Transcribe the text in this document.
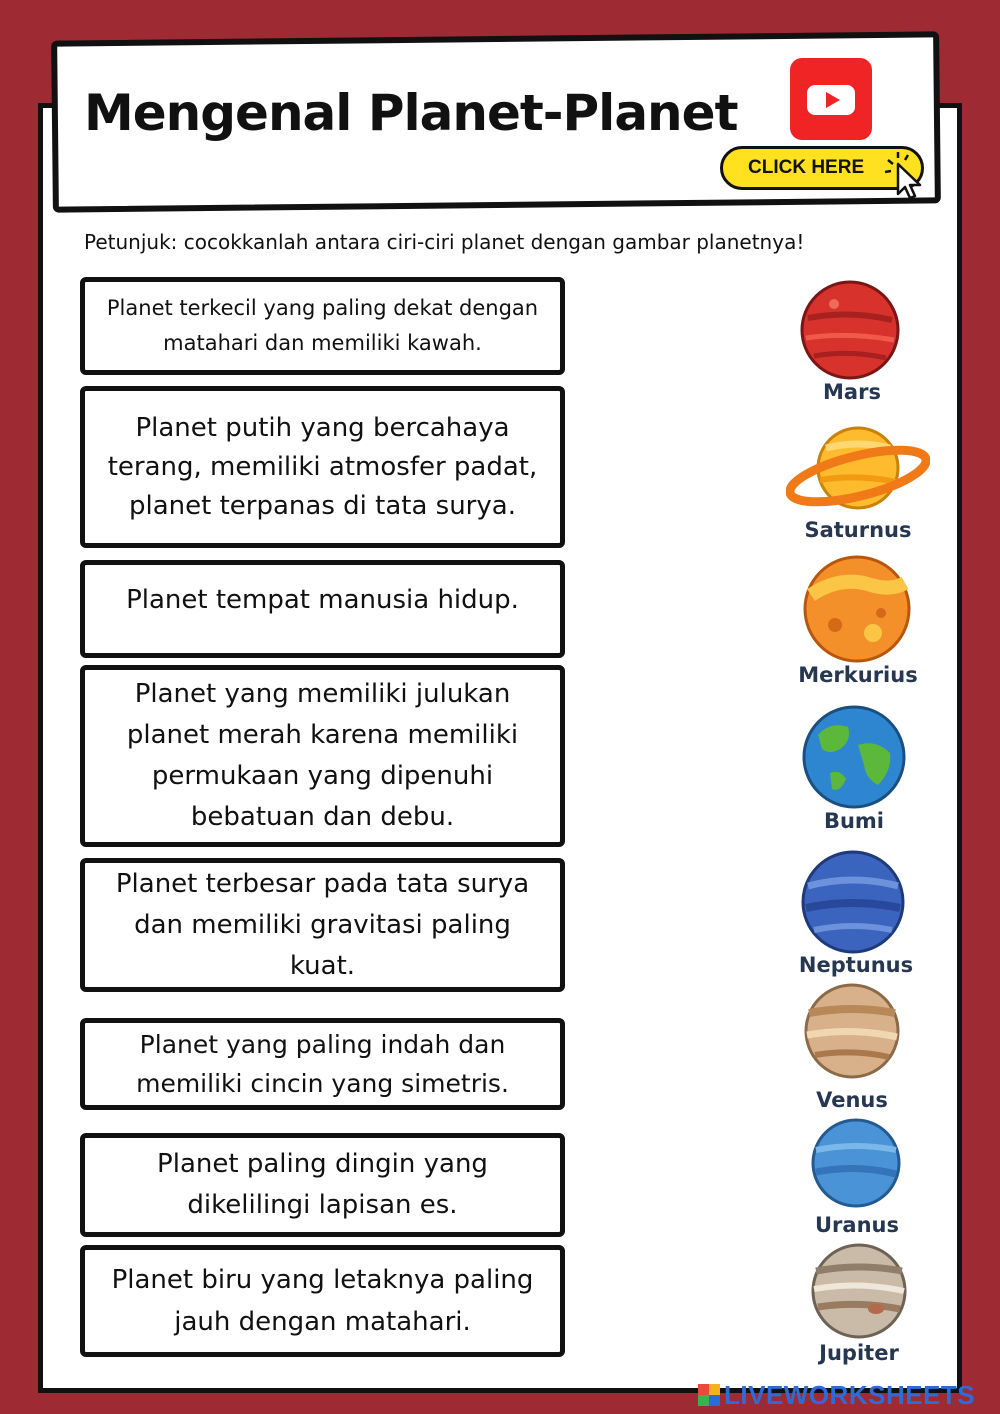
Mengenal Planet-Planet
CLICK HERE
Petunjuk: cocokkanlah antara ciri-ciri planet dengan gambar planetnya!
Planet terkecil yang paling dekat dengan matahari dan memiliki kawah.
Planet putih yang bercahaya terang, memiliki atmosfer padat, planet terpanas di tata surya.
Planet tempat manusia hidup.
Planet yang memiliki julukan planet merah karena memiliki permukaan yang dipenuhi bebatuan dan debu.
Planet terbesar pada tata surya dan memiliki gravitasi paling kuat.
Planet yang paling indah dan memiliki cincin yang simetris.
Planet paling dingin yang dikelilingi lapisan es.
Planet biru yang letaknya paling jauh dengan matahari.
Mars
Saturnus
Merkurius
Bumi
Neptunus
Venus
Uranus
Jupiter
LIVEWORKSHEETS
